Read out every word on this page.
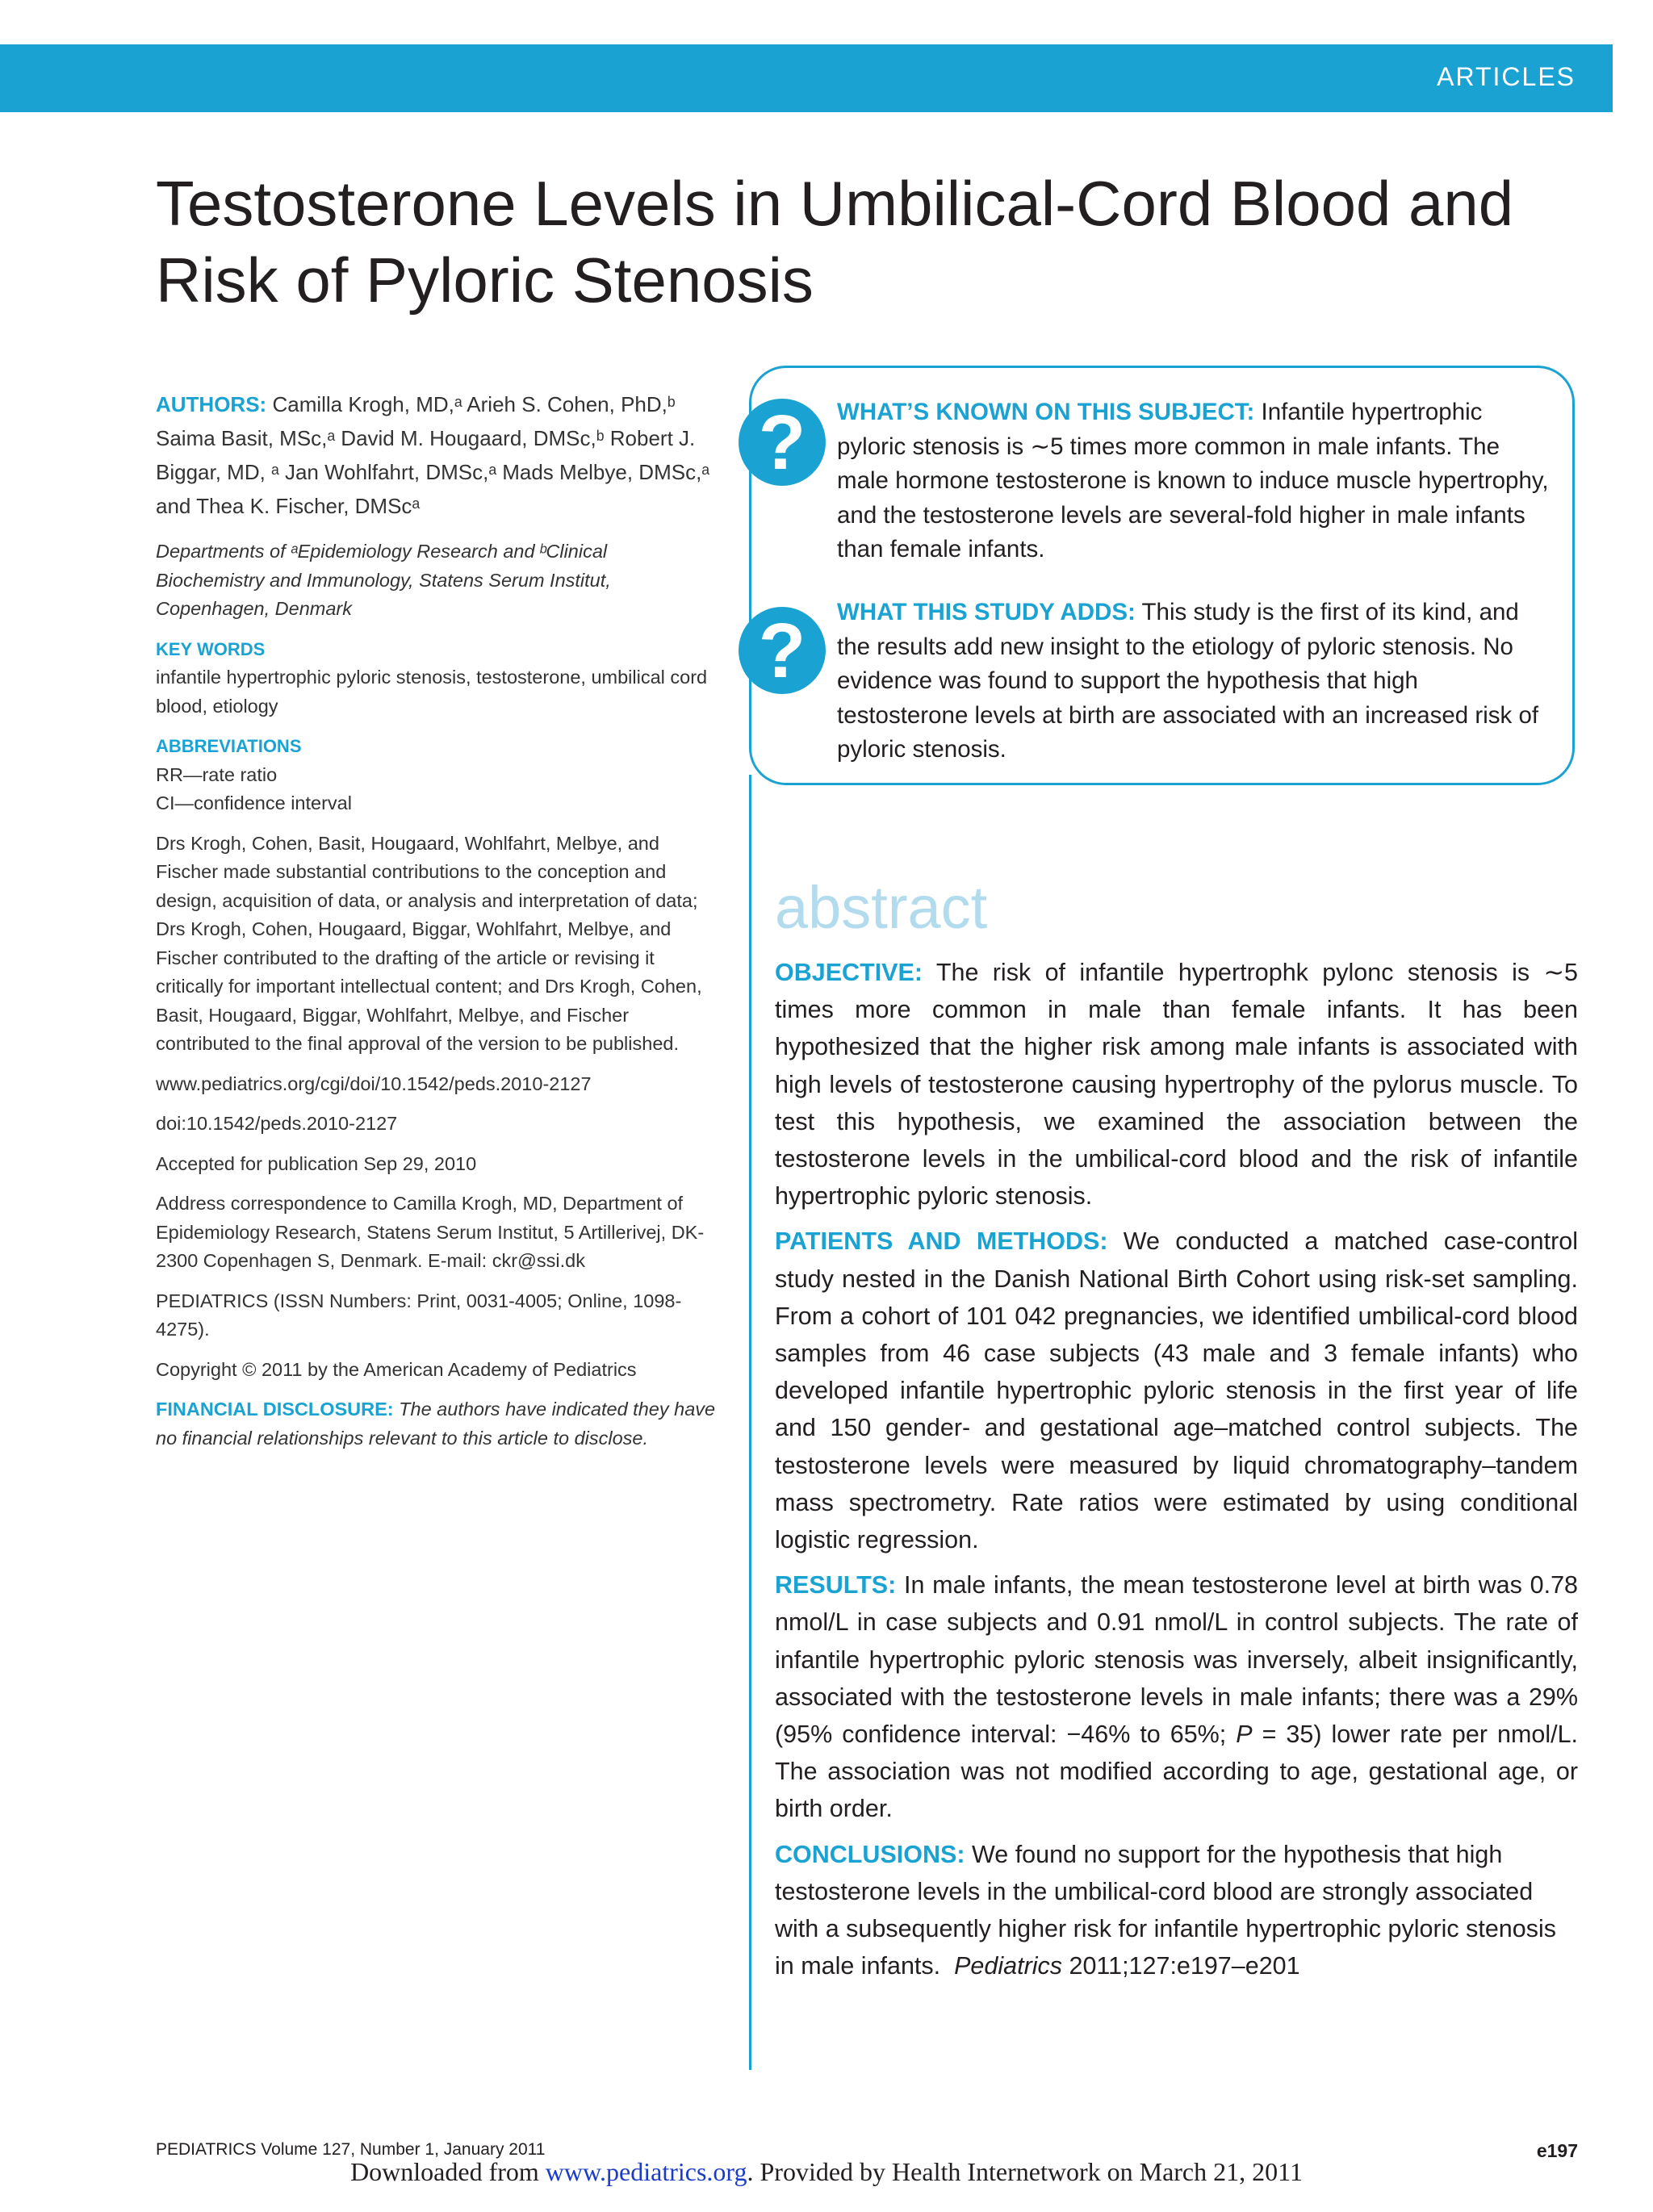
ARTICLES
Testosterone Levels in Umbilical-Cord Blood and Risk of Pyloric Stenosis

AUTHORS: Camilla Krogh, MD,ᵃ Arieh S. Cohen, PhD,ᵇ Saima Basit, MSc,ᵃ David M. Hougaard, DMSc,ᵇ Robert J. Biggar, MD, ᵃ Jan Wohlfahrt, DMSc,ᵃ Mads Melbye, DMSc,ᵃ and Thea K. Fischer, DMScᵃ

Departments of ᵃEpidemiology Research and ᵇClinical Biochemistry and Immunology, Statens Serum Institut, Copenhagen, Denmark

KEY WORDS
infantile hypertrophic pyloric stenosis, testosterone, umbilical cord blood, etiology

ABBREVIATIONS
RR—rate ratio
CI—confidence interval

Drs Krogh, Cohen, Basit, Hougaard, Wohlfahrt, Melbye, and Fischer made substantial contributions to the conception and design, acquisition of data, or analysis and interpretation of data; Drs Krogh, Cohen, Hougaard, Biggar, Wohlfahrt, Melbye, and Fischer contributed to the drafting of the article or revising it critically for important intellectual content; and Drs Krogh, Cohen, Basit, Hougaard, Biggar, Wohlfahrt, Melbye, and Fischer contributed to the final approval of the version to be published.

www.pediatrics.org/cgi/doi/10.1542/peds.2010-2127

doi:10.1542/peds.2010-2127

Accepted for publication Sep 29, 2010

Address correspondence to Camilla Krogh, MD, Department of Epidemiology Research, Statens Serum Institut, 5 Artillerivej, DK-2300 Copenhagen S, Denmark. E-mail: ckr@ssi.dk

PEDIATRICS (ISSN Numbers: Print, 0031-4005; Online, 1098-4275).

Copyright © 2011 by the American Academy of Pediatrics

FINANCIAL DISCLOSURE: The authors have indicated they have no financial relationships relevant to this article to disclose.

?	WHAT’S KNOWN ON THIS SUBJECT: Infantile hypertrophic pyloric stenosis is ∼5 times more common in male infants. The male hormone testosterone is known to induce muscle hypertrophy, and the testosterone levels are several-fold higher in male infants than female infants.
?	WHAT THIS STUDY ADDS: This study is the first of its kind, and the results add new insight to the etiology of pyloric stenosis. No evidence was found to support the hypothesis that high testosterone levels at birth are associated with an increased risk of pyloric stenosis.
abstract

OBJECTIVE: The risk of infantile hypertrophk pylonc stenosis is ∼5 times more common in male than female infants. It has been hypothesized that the higher risk among male infants is associated with high levels of testosterone causing hypertrophy of the pylorus muscle. To test this hypothesis, we examined the association between the testosterone levels in the umbilical-cord blood and the risk of infantile hypertrophic pyloric stenosis.

PATIENTS AND METHODS: We conducted a matched case-control study nested in the Danish National Birth Cohort using risk-set sampling. From a cohort of 101 042 pregnancies, we identified umbilical-cord blood samples from 46 case subjects (43 male and 3 female infants) who developed infantile hypertrophic pyloric stenosis in the first year of life and 150 gender- and gestational age–matched control subjects. The testosterone levels were measured by liquid chromatography–tandem mass spectrometry. Rate ratios were estimated by using conditional logistic regression.

RESULTS: In male infants, the mean testosterone level at birth was 0.78 nmol/L in case subjects and 0.91 nmol/L in control subjects. The rate of infantile hypertrophic pyloric stenosis was inversely, albeit insignificantly, associated with the testosterone levels in male infants; there was a 29% (95% confidence interval: −46% to 65%; P = 35) lower rate per nmol/L. The association was not modified according to age, gestational age, or birth order.

CONCLUSIONS: We found no support for the hypothesis that high testosterone levels in the umbilical-cord blood are strongly associated with a subsequently higher risk for infantile hypertrophic pyloric stenosis in male infants. Pediatrics 2011;127:e197–e201

PEDIATRICS Volume 127, Number 1, January 2011	e197
Downloaded from www.pediatrics.org. Provided by Health Internetwork on March 21, 2011
